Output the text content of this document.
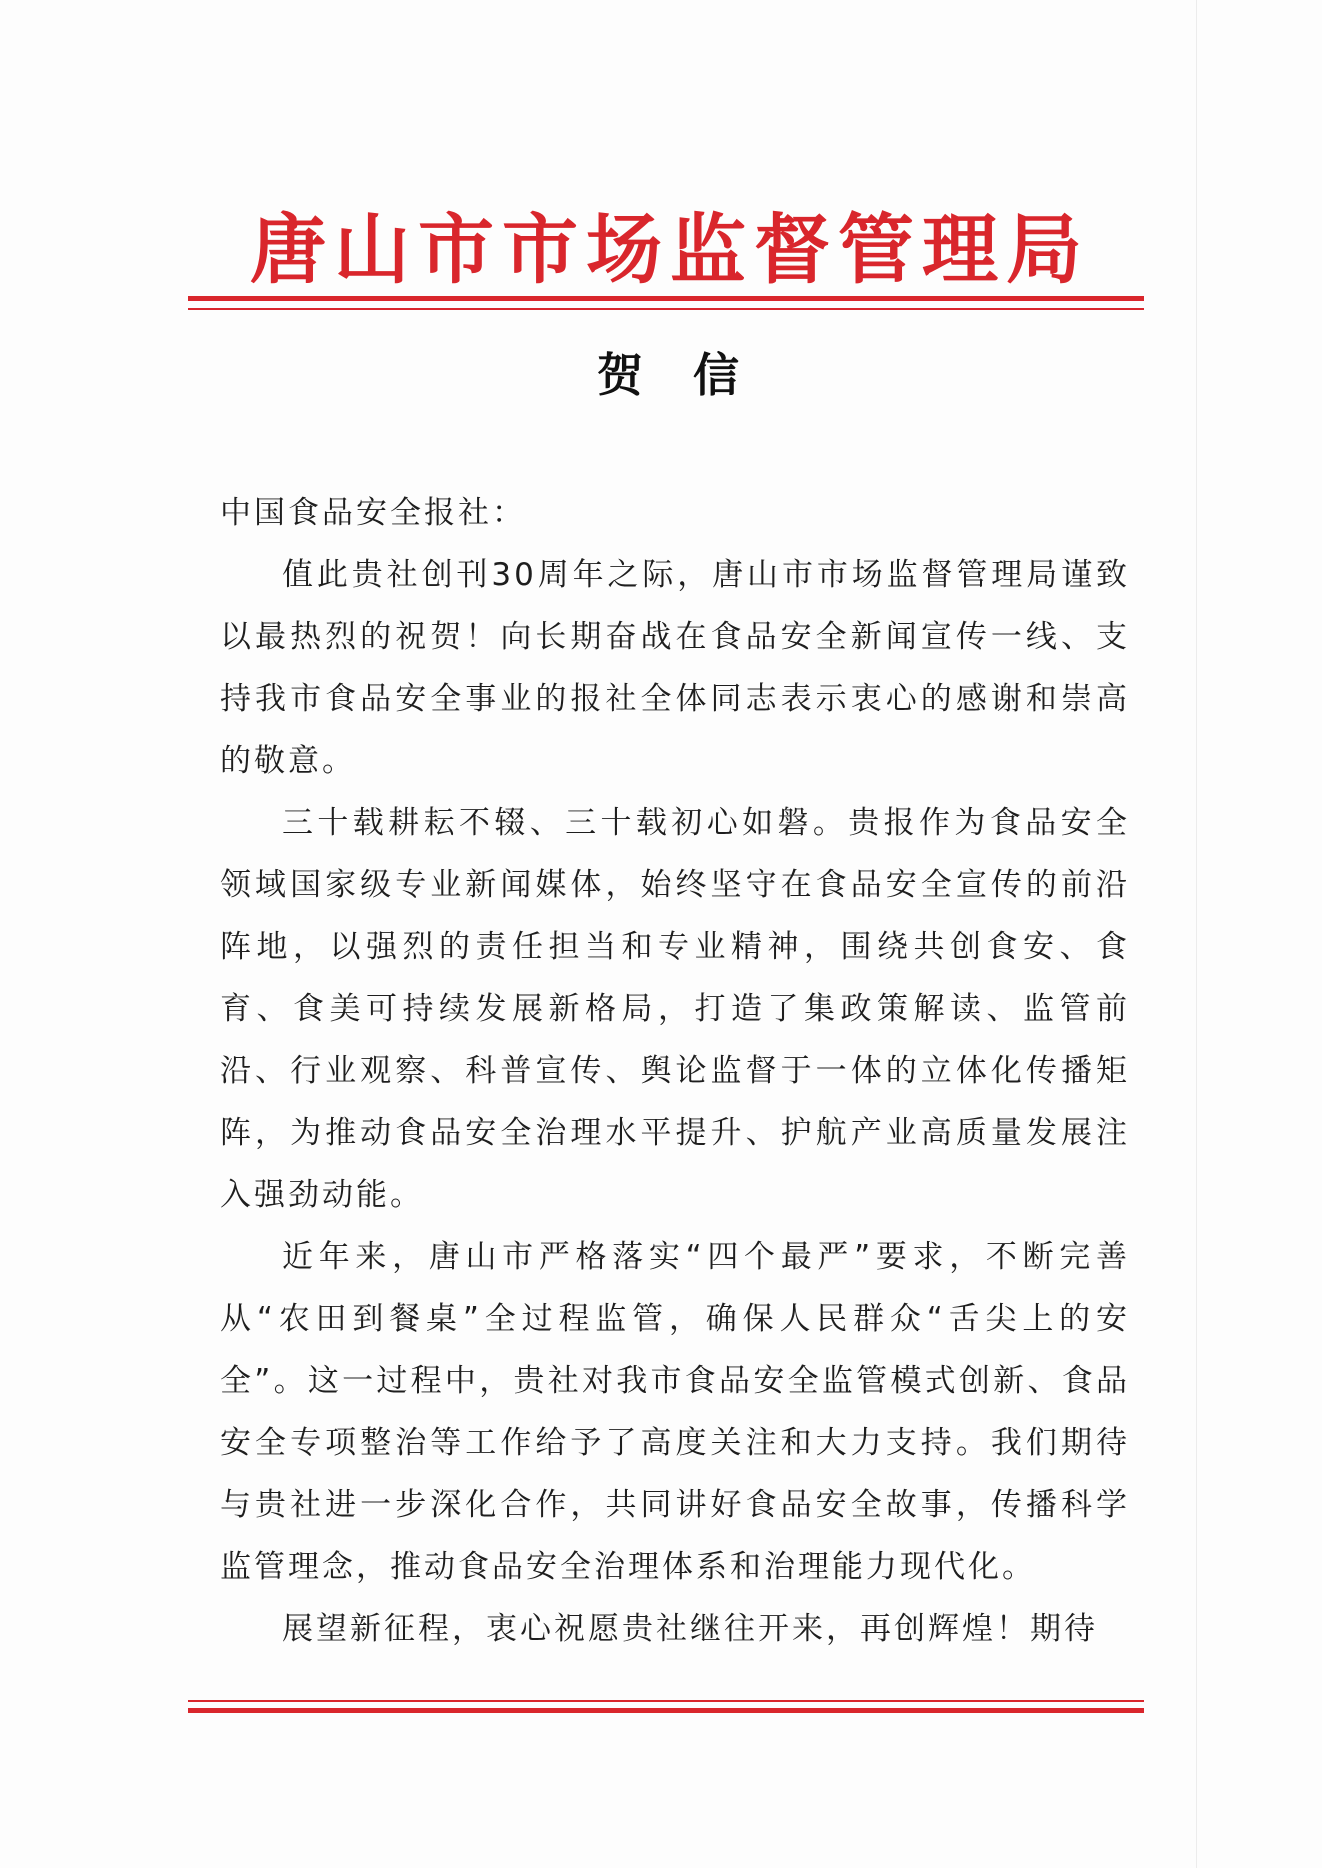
唐山市市场监督管理局
贺信

中国食品安全报社：

值此贵社创刊30周年之际，唐山市市场监督管理局谨致以最热烈的祝贺！向长期奋战在食品安全新闻宣传一线、支持我市食品安全事业的报社全体同志表示衷心的感谢和崇高的敬意。

三十载耕耘不辍、三十载初心如磐。贵报作为食品安全领域国家级专业新闻媒体，始终坚守在食品安全宣传的前沿阵地，以强烈的责任担当和专业精神，围绕共创食安、食育、食美可持续发展新格局，打造了集政策解读、监管前沿、行业观察、科普宣传、舆论监督于一体的立体化传播矩阵，为推动食品安全治理水平提升、护航产业高质量发展注入强劲动能。

近年来，唐山市严格落实“四个最严”要求，不断完善从“农田到餐桌”全过程监管，确保人民群众“舌尖上的安全”。这一过程中，贵社对我市食品安全监管模式创新、食品安全专项整治等工作给予了高度关注和大力支持。我们期待与贵社进一步深化合作，共同讲好食品安全故事，传播科学监管理念，推动食品安全治理体系和治理能力现代化。

展望新征程，衷心祝愿贵社继往开来，再创辉煌！期待
